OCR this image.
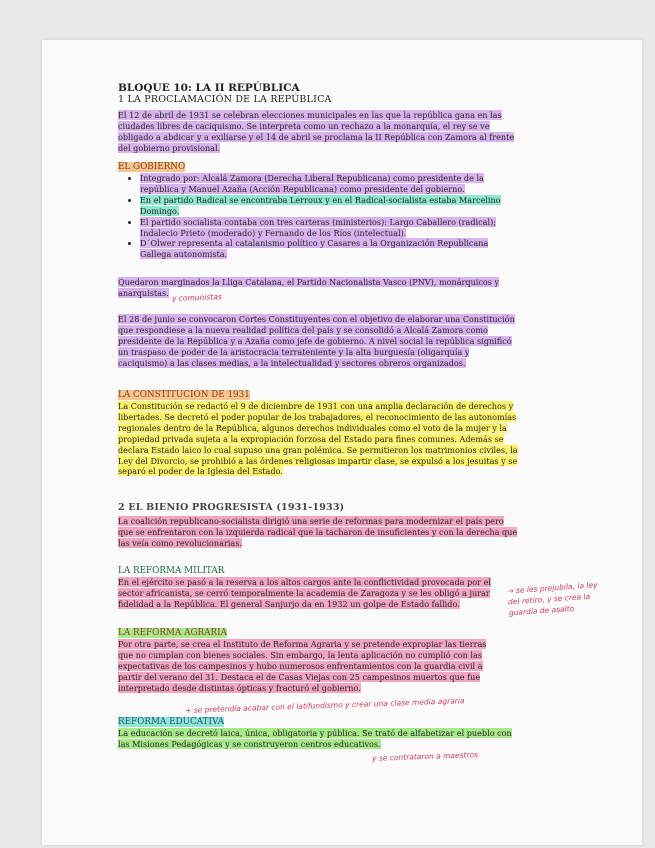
BLOQUE 10: LA II REPÚBLICA
1 LA PROCLAMACIÓN DE LA REPÚBLICA
El 12 de abril de 1931 se celebran elecciones municipales en las que la república gana en las ciudades libres de caciquismo. Se interpreta como un rechazo a la monarquía, el rey se ve obligado a abdicar y a exiliarse y el 14 de abril se proclama la II República con Zamora al frente del gobierno provisional.
EL GOBIERNO
• Integrado por: Alcalá Zamora (Derecha Liberal Republicana) como presidente de la república y Manuel Azaña (Acción Republicana) como presidente del gobierno.
• En el partido Radical se encontraba Lerroux y en el Radical-socialista estaba Marcelino Domingo.
• El partido socialista contaba con tres carteras (ministerios): Largo Caballero (radical); Indalecio Prieto (moderado) y Fernando de los Ríos (intelectual).
• D´Olwer representa al catalanismo político y Casares a la Organización Republicana Gallega autonomista.
Quedaron marginados la Lliga Catalana, el Partido Nacionalista Vasco (PNV), monárquicos y anarquistas. y comunistas
El 28 de junio se convocaron Cortes Constituyentes con el objetivo de elaborar una Constitución que respondiese a la nueva realidad política del país y se consolidó a Alcalá Zamora como presidente de la República y a Azaña como jefe de gobierno. A nivel social la república significó un traspaso de poder de la aristocracia terrateniente y la alta burguesía (oligarquía y caciquismo) a las clases medias, a la intelectualidad y sectores obreros organizados.
LA CONSTITUCIÓN DE 1931
La Constitución se redactó el 9 de diciembre de 1931 con una amplia declaración de derechos y libertades. Se decretó el poder popular de los trabajadores, el reconocimiento de las autonomías regionales dentro de la República, algunos derechos individuales como el voto de la mujer y la propiedad privada sujeta a la expropiación forzosa del Estado para fines comunes. Además se declara Estado laico lo cual supuso una gran polémica. Se permitieron los matrimonios civiles, la Ley del Divorcio, se prohibió a las órdenes religiosas impartir clase, se expulsó a los jesuitas y se separó el poder de la Iglesia del Estado.
2 EL BIENIO PROGRESISTA (1931-1933)
La coalición republicano-socialista dirigió una serie de reformas para modernizar el país pero que se enfrentaron con la izquierda radical que la tacharon de insuficientes y con la derecha que las veía como revolucionarias.
LA REFORMA MILITAR
En el ejército se pasó a la reserva a los altos cargos ante la conflictividad provocada por el sector africanista, se cerró temporalmente la academia de Zaragoza y se les obligó a jurar fidelidad a la República. El general Sanjurjo da en 1932 un golpe de Estado fallido.
→ se les prejubila, la ley del retiro, y se crea la guardia de asalto
LA REFORMA AGRARIA
Por otra parte, se crea el Instituto de Reforma Agraria y se pretende expropiar las tierras que no cumplan con bienes sociales. Sin embargo, la lenta aplicación no cumplió con las expectativas de los campesinos y hubo numerosos enfrentamientos con la guardia civil a partir del verano del 31. Destaca el de Casas Viejas con 25 campesinos muertos que fue interpretado desde distintas ópticas y fracturó el gobierno.
+ se pretendía acabar con el latifundismo y crear una clase media agraria
REFORMA EDUCATIVA
La educación se decretó laica, única, obligatoria y pública. Se trató de alfabetizar el pueblo con las Misiones Pedagógicas y se construyeron centros educativos.
y se contrataron a maestros
